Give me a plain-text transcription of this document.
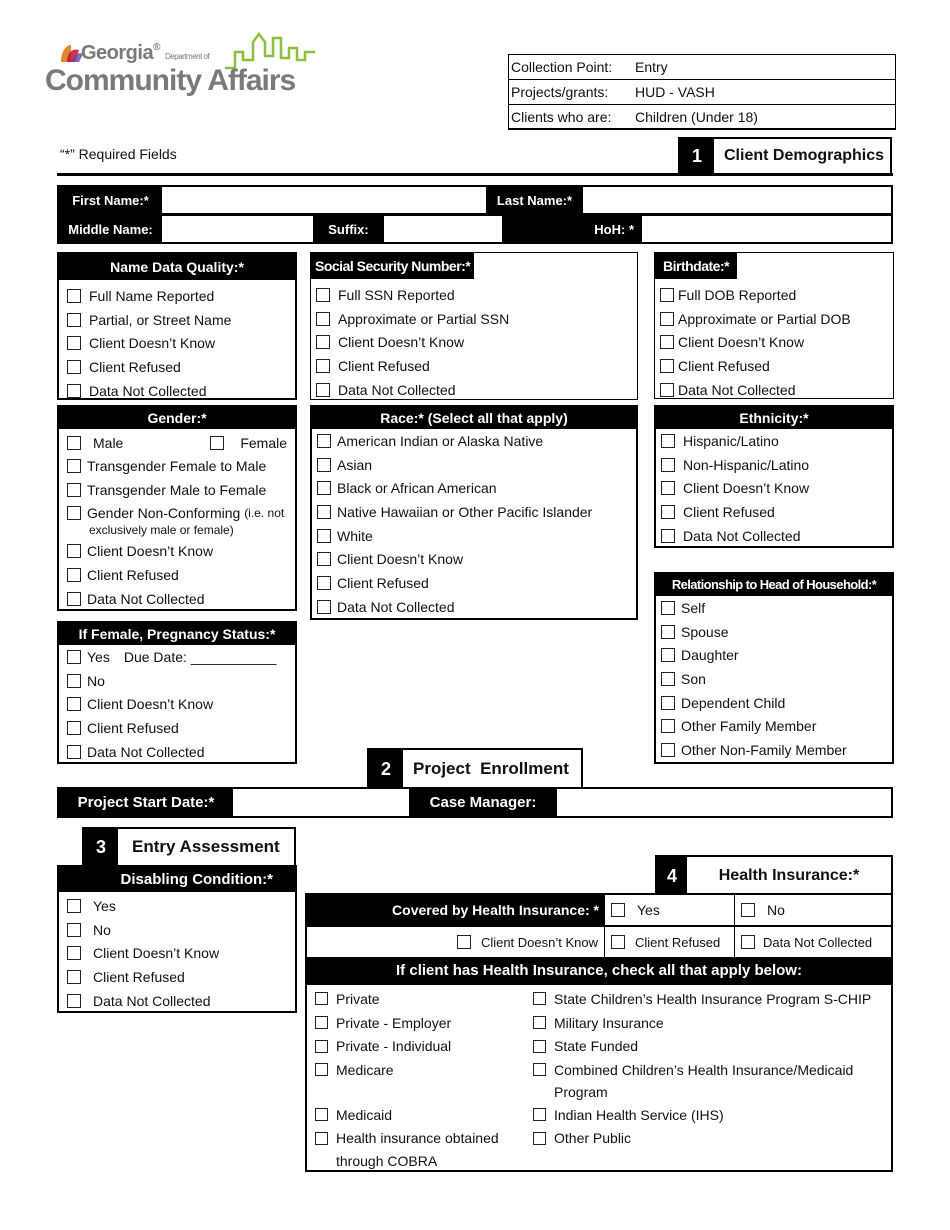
Georgia® Department of
Community Affairs	Collection Point:	Entry
Projects/grants:	HUD - VASH
Clients who are:	Children (Under 18)
“*” Required Fields	1	Client Demographics
First Name:*	Last Name:*
Middle Name:	Suffix:	HoH: *
Name Data Quality:*
Full Name Reported
Partial, or Street Name
Client Doesn’t Know
Client Refused
Data Not Collected
Social Security Number:*
Full SSN Reported
Approximate or Partial SSN
Client Doesn’t Know
Client Refused
Data Not Collected
Birthdate:*
Full DOB Reported
Approximate or Partial DOB
Client Doesn’t Know
Client Refused
Data Not Collected
Gender:*
Male	Female
Transgender Female to Male
Transgender Male to Female
Gender Non-Conforming
(i.e. not
exclusively male or female)
Client Doesn’t Know
Client Refused
Data Not Collected
Race:* (Select all that apply)
American Indian or Alaska Native
Asian
Black or African American
Native Hawaiian or Other Pacific Islander
White
Client Doesn’t Know
Client Refused
Data Not Collected
Ethnicity:*
Hispanic/Latino
Non-Hispanic/Latino
Client Doesn’t Know
Client Refused
Data Not Collected
Relationship to Head of Household:*
Self
Spouse
Daughter
Son
Dependent Child
Other Family Member
Other Non-Family Member
If Female, Pregnancy Status:*
Yes Due Date: ___________
No
Client Doesn’t Know
Client Refused
Data Not Collected
2	Project  Enrollment
Project Start Date:*	Case Manager:
3	Entry Assessment
Disabling Condition:*
Yes
No
Client Doesn’t Know
Client Refused
Data Not Collected
4	Health Insurance:*
Covered by Health Insurance: *	Yes	No
Client Doesn’t Know	Client Refused	Data Not Collected
If client has Health Insurance, check all that apply below:
Private
Private - Employer
Private - Individual
Medicare
Medicaid
Health insurance obtained
through COBRA
State Children’s Health Insurance Program S-CHIP
Military Insurance
State Funded
Combined Children’s Health Insurance/Medicaid
Program
Indian Health Service (IHS)
Other Public
